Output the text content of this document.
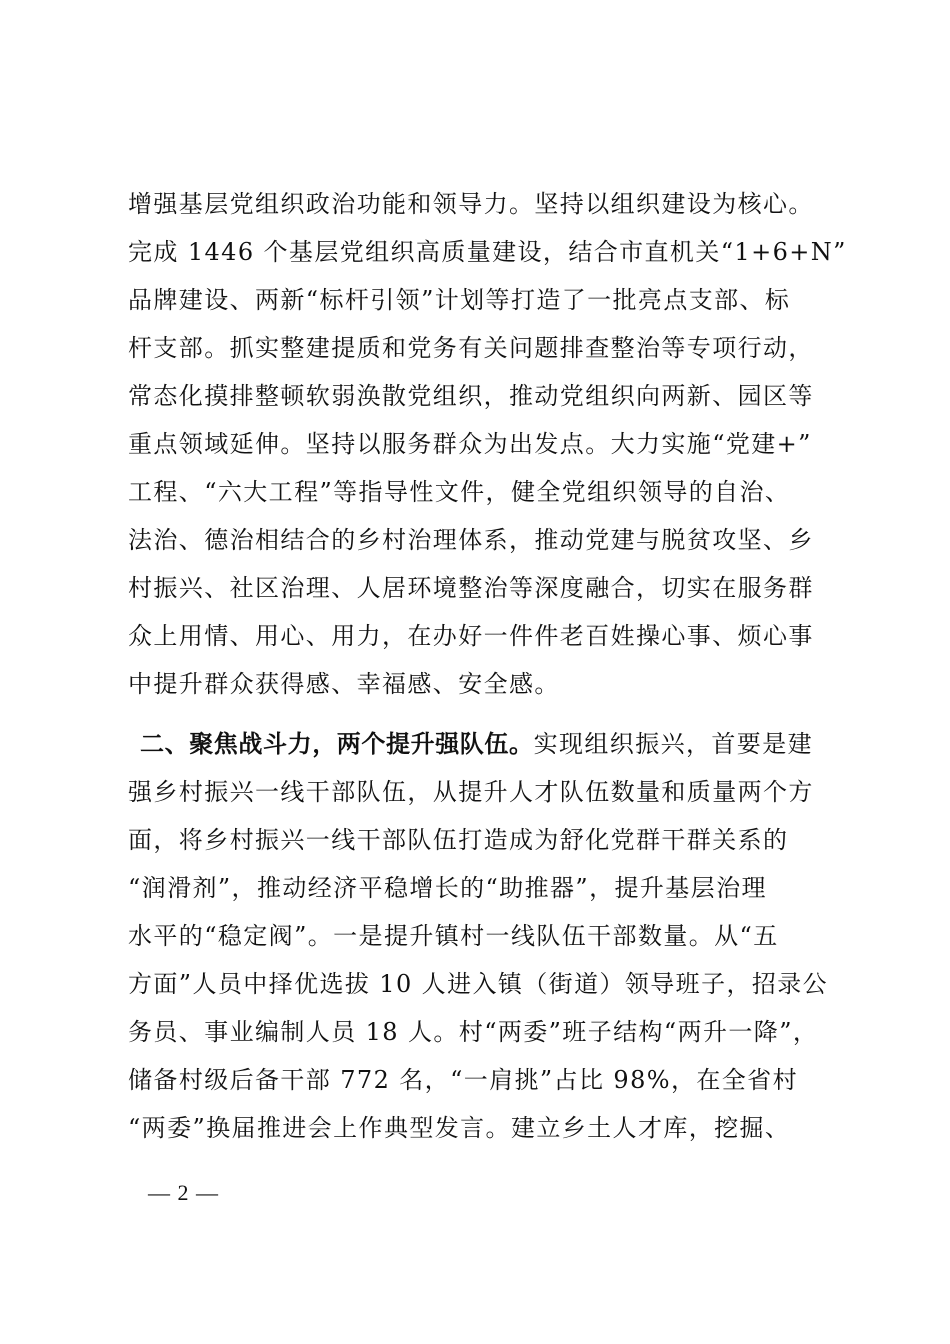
增强基层党组织政治功能和领导力。坚持以组织建设为核心。
完成 1446 个基层党组织高质量建设，结合市直机关“1+6+N”
品牌建设、两新“标杆引领”计划等打造了一批亮点支部、标
杆支部。抓实整建提质和党务有关问题排查整治等专项行动，
常态化摸排整顿软弱涣散党组织，推动党组织向两新、园区等
重点领域延伸。坚持以服务群众为出发点。大力实施“党建+”
工程、“六大工程”等指导性文件，健全党组织领导的自治、
法治、德治相结合的乡村治理体系，推动党建与脱贫攻坚、乡
村振兴、社区治理、人居环境整治等深度融合，切实在服务群
众上用情、用心、用力，在办好一件件老百姓操心事、烦心事
中提升群众获得感、幸福感、安全感。
二、聚焦战斗力，两个提升强队伍。实现组织振兴，首要是建
强乡村振兴一线干部队伍，从提升人才队伍数量和质量两个方
面，将乡村振兴一线干部队伍打造成为舒化党群干群关系的
“润滑剂”，推动经济平稳增长的“助推器”，提升基层治理
水平的“稳定阀”。一是提升镇村一线队伍干部数量。从“五
方面”人员中择优选拔 10 人进入镇（街道）领导班子，招录公
务员、事业编制人员 18 人。村“两委”班子结构“两升一降”，
储备村级后备干部 772 名，“一肩挑”占比 98%，在全省村
“两委”换届推进会上作典型发言。建立乡土人才库，挖掘、
— 2 —
